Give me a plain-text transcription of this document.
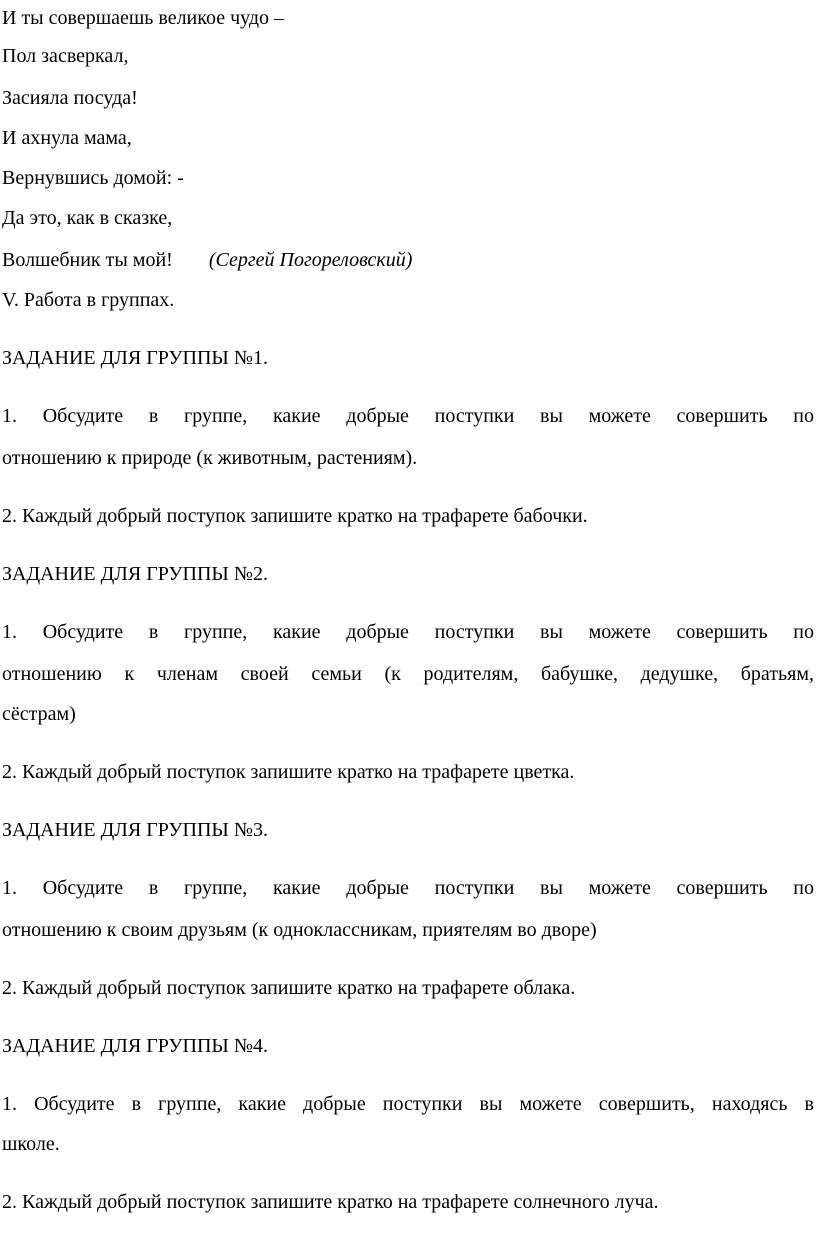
И ты совершаешь великое чудо –
Пол засверкал,
Засияла посуда!
И ахнула мама,
Вернувшись домой: -
Да это, как в сказке,
Волшебник ты мой! (Сергей Погореловский)
V. Работа в группах.
ЗАДАНИЕ ДЛЯ ГРУППЫ №1.
1. Обсудите в группе, какие добрые поступки вы можете совершить по
отношению к природе (к животным, растениям).
2. Каждый добрый поступок запишите кратко на трафарете бабочки.
ЗАДАНИЕ ДЛЯ ГРУППЫ №2.
1. Обсудите в группе, какие добрые поступки вы можете совершить по
отношению к членам своей семьи (к родителям, бабушке, дедушке, братьям,
сёстрам)
2. Каждый добрый поступок запишите кратко на трафарете цветка.
ЗАДАНИЕ ДЛЯ ГРУППЫ №3.
1. Обсудите в группе, какие добрые поступки вы можете совершить по
отношению к своим друзьям (к одноклассникам, приятелям во дворе)
2. Каждый добрый поступок запишите кратко на трафарете облака.
ЗАДАНИЕ ДЛЯ ГРУППЫ №4.
1. Обсудите в группе, какие добрые поступки вы можете совершить, находясь в
школе.
2. Каждый добрый поступок запишите кратко на трафарете солнечного луча.
